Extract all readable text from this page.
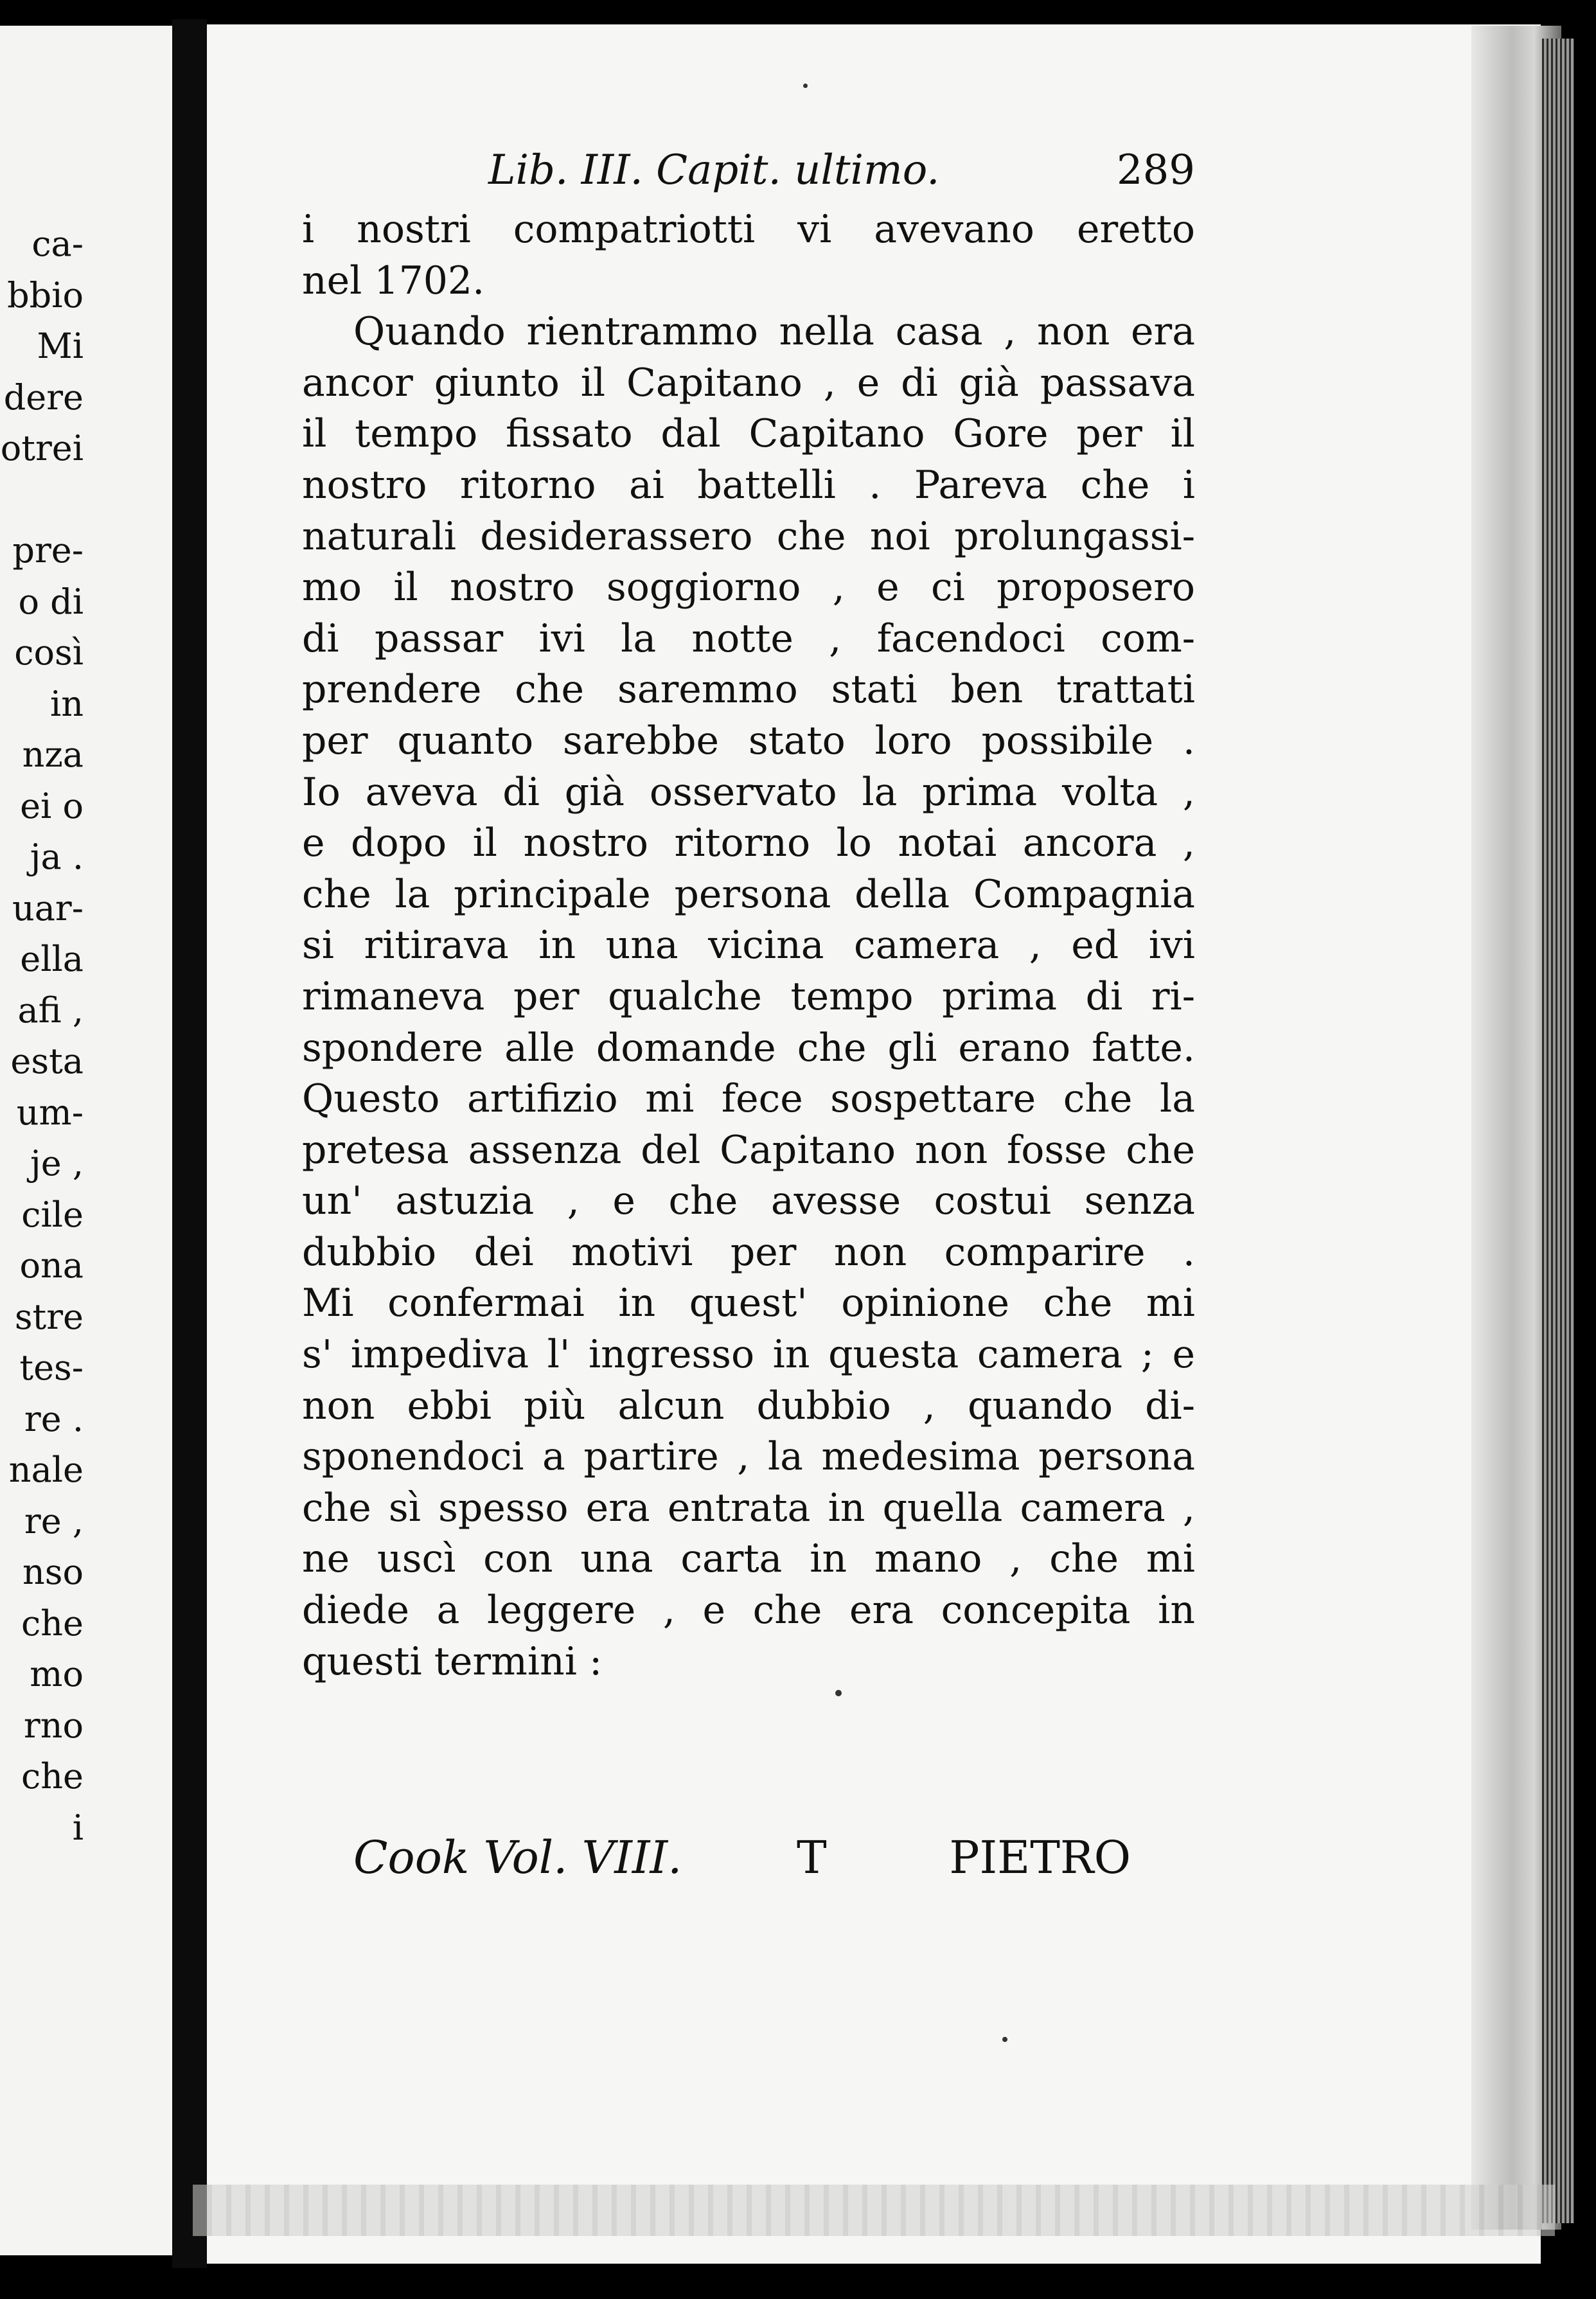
ca-
bbio
Mi
dere
otrei
pre-
o di
così
in
nza
ei o
ja .
uar-
ella
afi ,
esta
um-
je ,
cile
ona
stre
tes-
re .
nale
re ,
nso
che
mo
rno
che
i
Lib. III. Capit. ultimo.	289
i nostri compatriotti vi avevano eretto
nel 1702.
Quando rientrammo nella casa , non era
ancor giunto il Capitano , e di già passava
il tempo fissato dal Capitano Gore per il
nostro ritorno ai battelli . Pareva che i
naturali desiderassero che noi prolungassi-
mo il nostro soggiorno , e ci proposero
di passar ivi la notte , facendoci com-
prendere che saremmo stati ben trattati
per quanto sarebbe stato loro possibile .
Io aveva di già osservato la prima volta ,
e dopo il nostro ritorno lo notai ancora ,
che la principale persona della Compagnia
si ritirava in una vicina camera , ed ivi
rimaneva per qualche tempo prima di ri-
spondere alle domande che gli erano fatte.
Questo artifizio mi fece sospettare che la
pretesa assenza del Capitano non fosse che
un' astuzia , e che avesse costui senza
dubbio dei motivi per non comparire .
Mi confermai in quest' opinione che mi
s' impediva l' ingresso in questa camera ; e
non ebbi più alcun dubbio , quando di-
sponendoci a partire , la medesima persona
che sì spesso era entrata in quella camera ,
ne uscì con una carta in mano , che mi
diede a leggere , e che era concepita in
questi termini :
Cook Vol. VIII.	T	PIETRO
